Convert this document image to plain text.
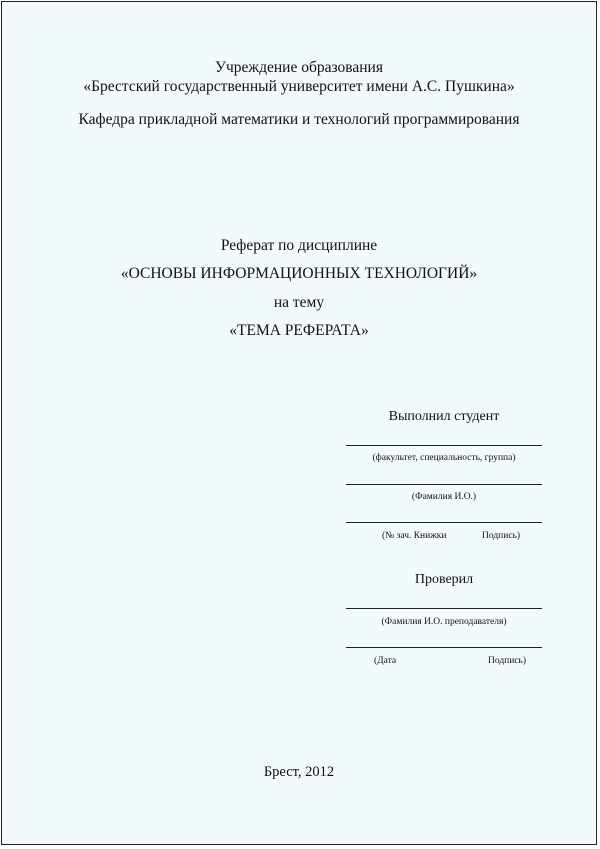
Учреждение образования
«Брестский государственный университет имени А.С. Пушкина»
Кафедра прикладной математики и технологий программирования
Реферат по дисциплине
«ОСНОВЫ ИНФОРМАЦИОННЫХ ТЕХНОЛОГИЙ»
на тему
«ТЕМА РЕФЕРАТА»
Выполнил студент
(факультет, специальность, группа)
(Фамилия И.О.)
(№ зач. Книжки	Подпись)
Проверил
(Фамилия И.О. преподавателя)
(Дата	Подпись)
Брест, 2012
